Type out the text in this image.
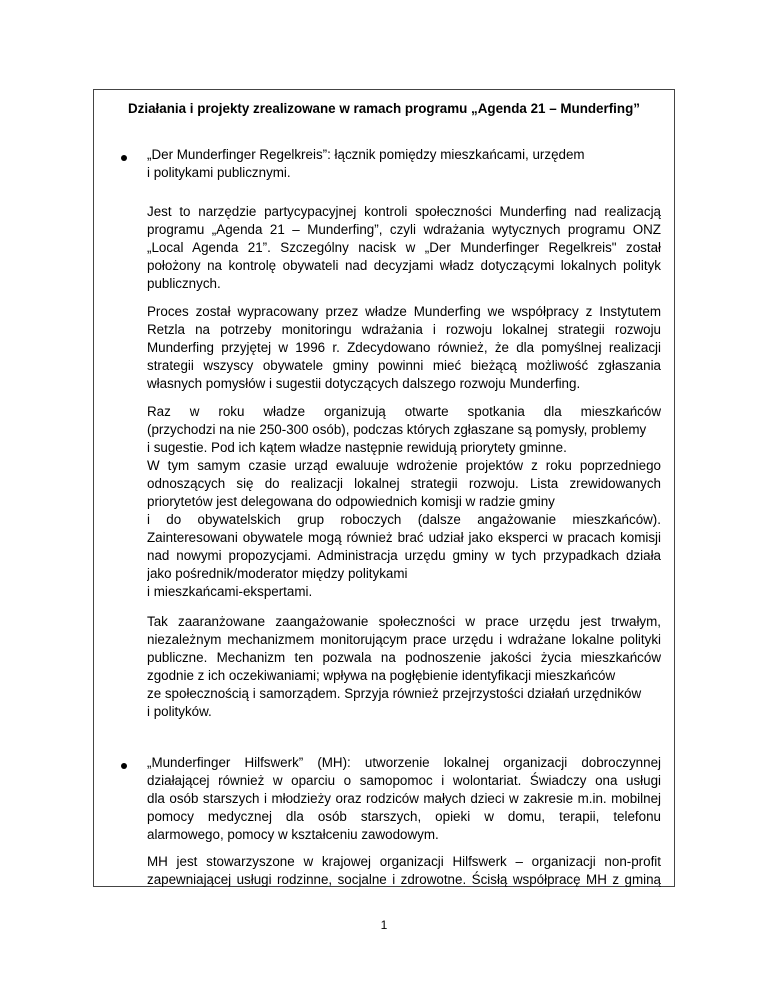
Działania i projekty zrealizowane w ramach programu „Agenda 21 – Munderfing”
„Der Munderfinger Regelkreis”: łącznik pomiędzy mieszkańcami, urzędem
i politykami publicznymi.
Jest to narzędzie partycypacyjnej kontroli społeczności Munderfing nad realizacją
programu „Agenda 21 – Munderfing”, czyli wdrażania wytycznych programu ONZ
„Local Agenda 21”. Szczególny nacisk w „Der Munderfinger Regelkreis" został
położony na kontrolę obywateli nad decyzjami władz dotyczącymi lokalnych polityk
publicznych.
Proces został wypracowany przez władze Munderfing we współpracy z Instytutem
Retzla na potrzeby monitoringu wdrażania i rozwoju lokalnej strategii rozwoju
Munderfing przyjętej w 1996 r. Zdecydowano również, że dla pomyślnej realizacji
strategii wszyscy obywatele gminy powinni mieć bieżącą możliwość zgłaszania
własnych pomysłów i sugestii dotyczących dalszego rozwoju Munderfing.
Raz w roku władze organizują otwarte spotkania dla mieszkańców
(przychodzi na nie 250-300 osób), podczas których zgłaszane są pomysły, problemy
i sugestie. Pod ich kątem władze następnie rewidują priorytety gminne.
W tym samym czasie urząd ewaluuje wdrożenie projektów z roku poprzedniego
odnoszących się do realizacji lokalnej strategii rozwoju. Lista zrewidowanych
priorytetów jest delegowana do odpowiednich komisji w radzie gminy
i do obywatelskich grup roboczych (dalsze angażowanie mieszkańców).
Zainteresowani obywatele mogą również brać udział jako eksperci w pracach komisji
nad nowymi propozycjami. Administracja urzędu gminy w tych przypadkach działa
jako pośrednik/moderator między politykami
i mieszkańcami-ekspertami.
Tak zaaranżowane zaangażowanie społeczności w prace urzędu jest trwałym,
niezależnym mechanizmem monitorującym prace urzędu i wdrażane lokalne polityki
publiczne. Mechanizm ten pozwala na podnoszenie jakości życia mieszkańców
zgodnie z ich oczekiwaniami; wpływa na pogłębienie identyfikacji mieszkańców
ze społecznością i samorządem. Sprzyja również przejrzystości działań urzędników
i polityków.
„Munderfinger Hilfswerk” (MH): utworzenie lokalnej organizacji dobroczynnej
działającej również w oparciu o samopomoc i wolontariat. Świadczy ona usługi
dla osób starszych i młodzieży oraz rodziców małych dzieci w zakresie m.in. mobilnej
pomocy medycznej dla osób starszych, opieki w domu, terapii, telefonu
alarmowego, pomocy w kształceniu zawodowym.
MH jest stowarzyszone w krajowej organizacji Hilfswerk – organizacji non-profit
zapewniającej usługi rodzinne, socjalne i zdrowotne. Ścisłą współpracę MH z gminą
1
